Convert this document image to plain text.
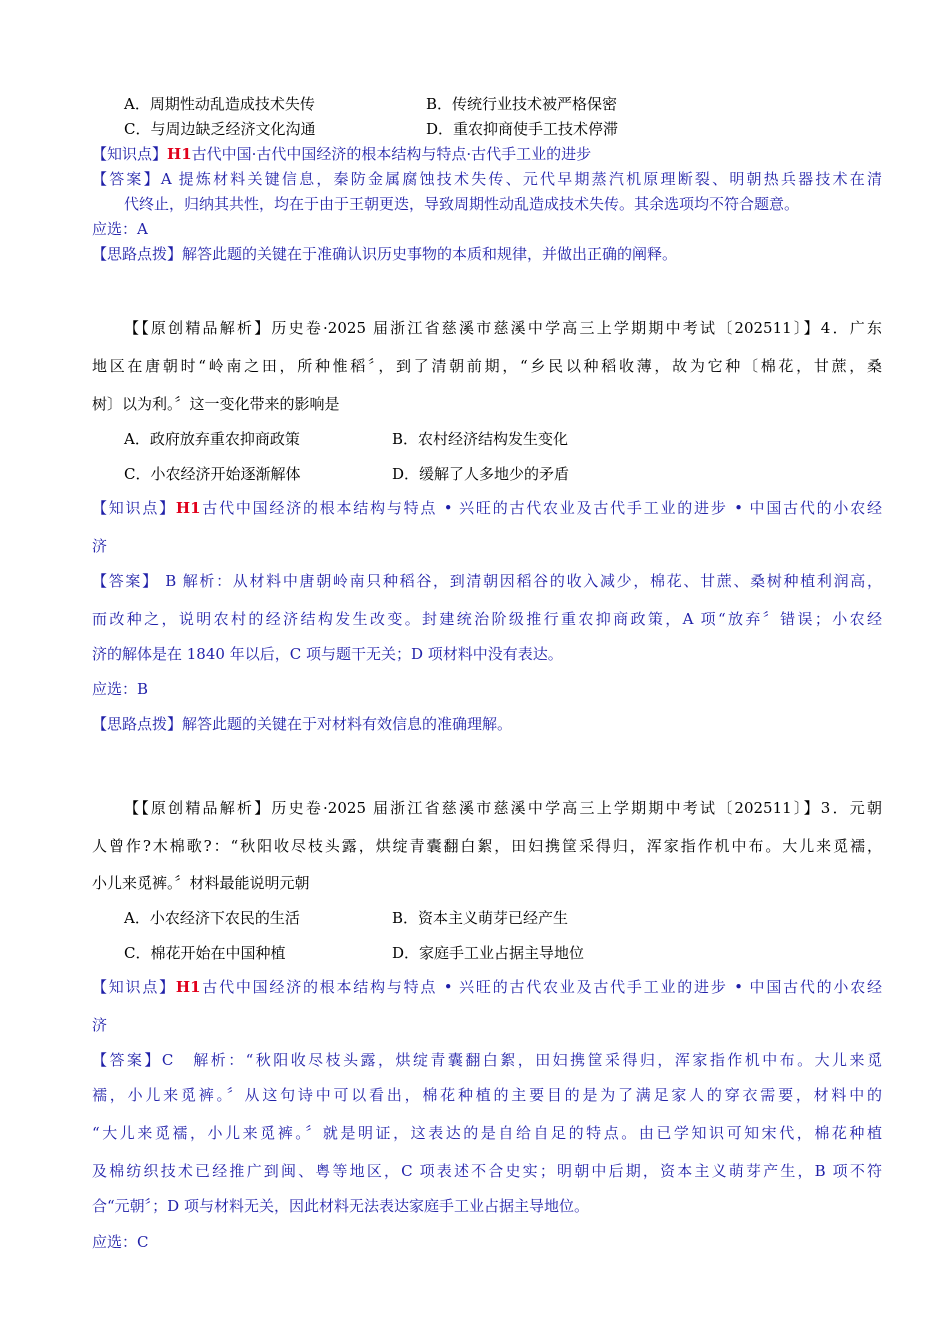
A．周期性动乱造成技术失传	B．传统行业技术被严格保密
C．与周边缺乏经济文化沟通	D．重农抑商使手工技术停滞
【知识点】H1古代中国·古代中国经济的根本结构与特点·古代手工业的进步
【答案】A 提炼材料关键信息，秦防金属腐蚀技术失传、元代早期蒸汽机原理断裂、明朝热兵器技术在清
代终止，归纳其共性，均在于由于王朝更迭，导致周期性动乱造成技术失传。其余选项均不符合题意。
应选：A
【思路点拨】解答此题的关键在于准确认识历史事物的本质和规律，并做出正确的阐释。
【【原创精品解析】历史卷·2025 届浙江省慈溪市慈溪中学高三上学期期中考试〔202511〕】4．广东
地区在唐朝时“岭南之田，所种惟稻〞，到了清朝前期，“乡民以种稻收薄，故为它种〔棉花，甘蔗，桑
树〕以为利。〞这一变化带来的影响是
A．政府放弃重农抑商政策	B．农村经济结构发生变化
C．小农经济开始逐渐解体	D．缓解了人多地少的矛盾
【知识点】H1古代中国经济的根本结构与特点 • 兴旺的古代农业及古代手工业的进步 • 中国古代的小农经
济
【答案】 B 解析：从材料中唐朝岭南只种稻谷，到清朝因稻谷的收入减少，棉花、甘蔗、桑树种植利润高，
而改种之，说明农村的经济结构发生改变。封建统治阶级推行重农抑商政策，A 项“放弃〞错误；小农经
济的解体是在 1840 年以后，C 项与题干无关；D 项材料中没有表达。
应选：B
【思路点拨】解答此题的关键在于对材料有效信息的准确理解。
【【原创精品解析】历史卷·2025 届浙江省慈溪市慈溪中学高三上学期期中考试〔202511〕】3．元朝
人曾作?木棉歌?：“秋阳收尽枝头露，烘绽青囊翻白絮，田妇携筐采得归，浑家指作机中布。大儿来觅襦，
小儿来觅裤。〞材料最能说明元朝
A．小农经济下农民的生活	B．资本主义萌芽已经产生
C．棉花开始在中国种植	D．家庭手工业占据主导地位
【知识点】H1古代中国经济的根本结构与特点 • 兴旺的古代农业及古代手工业的进步 • 中国古代的小农经
济
【答案】C　解析：“秋阳收尽枝头露，烘绽青囊翻白絮，田妇携筐采得归，浑家指作机中布。大儿来觅
襦，小儿来觅裤。〞从这句诗中可以看出，棉花种植的主要目的是为了满足家人的穿衣需要，材料中的
“大儿来觅襦，小儿来觅裤。〞就是明证，这表达的是自给自足的特点。由已学知识可知宋代，棉花种植
及棉纺织技术已经推广到闽、粤等地区，C 项表述不合史实；明朝中后期，资本主义萌芽产生，B 项不符
合“元朝〞；D 项与材料无关，因此材料无法表达家庭手工业占据主导地位。
应选：C
